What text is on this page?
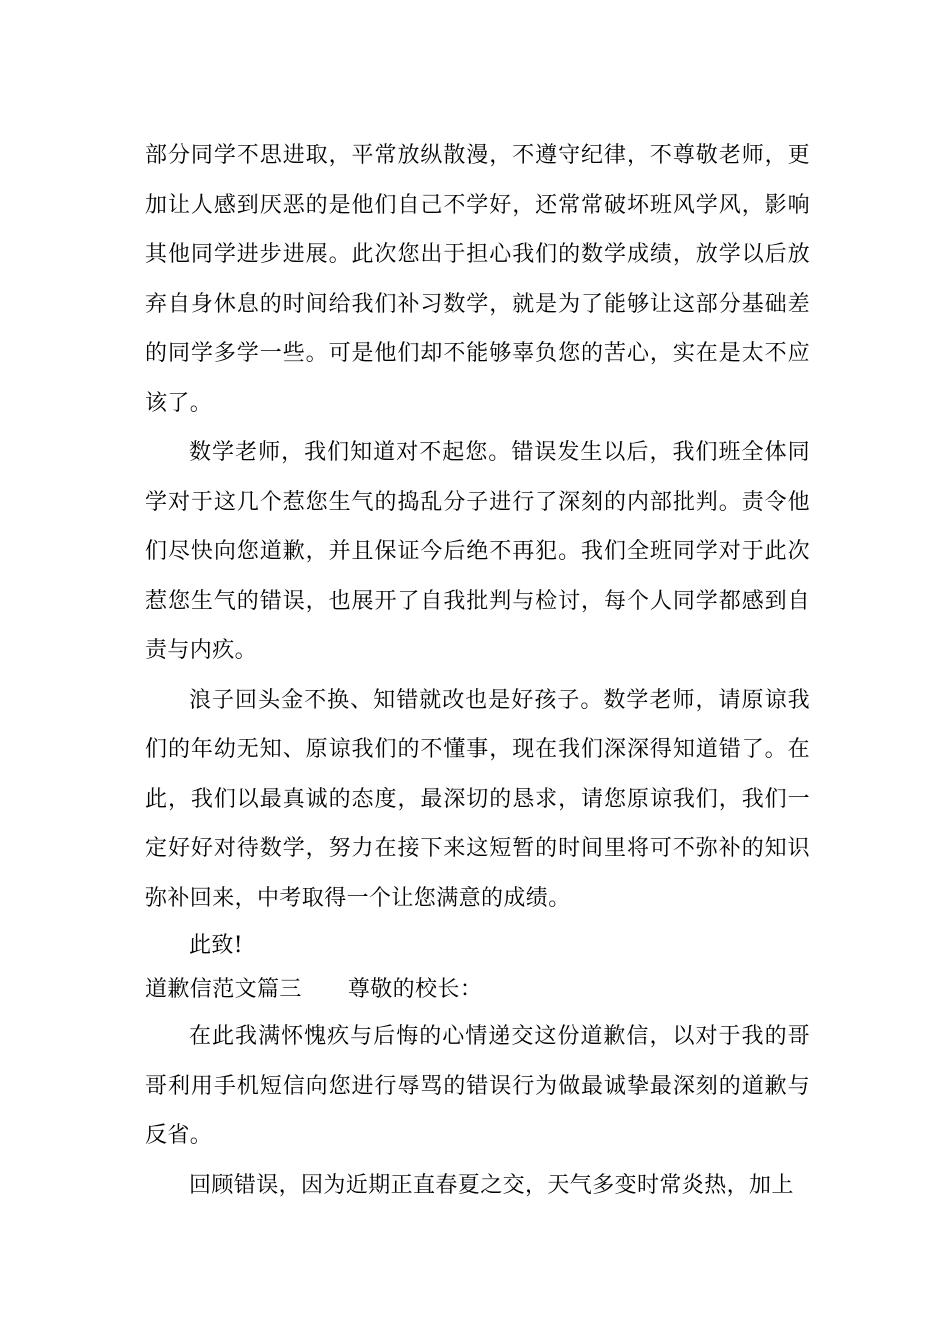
部分同学不思进取，平常放纵散漫，不遵守纪律，不尊敬老师，更加让人感到厌恶的是他们自己不学好，还常常破坏班风学风，影响其他同学进步进展。此次您出于担心我们的数学成绩，放学以后放弃自身休息的时间给我们补习数学，就是为了能够让这部分基础差的同学多学一些。可是他们却不能够辜负您的苦心，实在是太不应该了。

数学老师，我们知道对不起您。错误发生以后，我们班全体同学对于这几个惹您生气的捣乱分子进行了深刻的内部批判。责令他们尽快向您道歉，并且保证今后绝不再犯。我们全班同学对于此次惹您生气的错误，也展开了自我批判与检讨，每个人同学都感到自责与内疚。

浪子回头金不换、知错就改也是好孩子。数学老师，请原谅我们的年幼无知、原谅我们的不懂事，现在我们深深得知道错了。在此，我们以最真诚的态度，最深切的恳求，请您原谅我们，我们一定好好对待数学，努力在接下来这短暂的时间里将可不弥补的知识弥补回来，中考取得一个让您满意的成绩。

此致!

道歉信范文篇三 尊敬的校长：

在此我满怀愧疚与后悔的心情递交这份道歉信，以对于我的哥哥利用手机短信向您进行辱骂的错误行为做最诚挚最深刻的道歉与反省。

回顾错误，因为近期正直春夏之交，天气多变时常炎热，加上
